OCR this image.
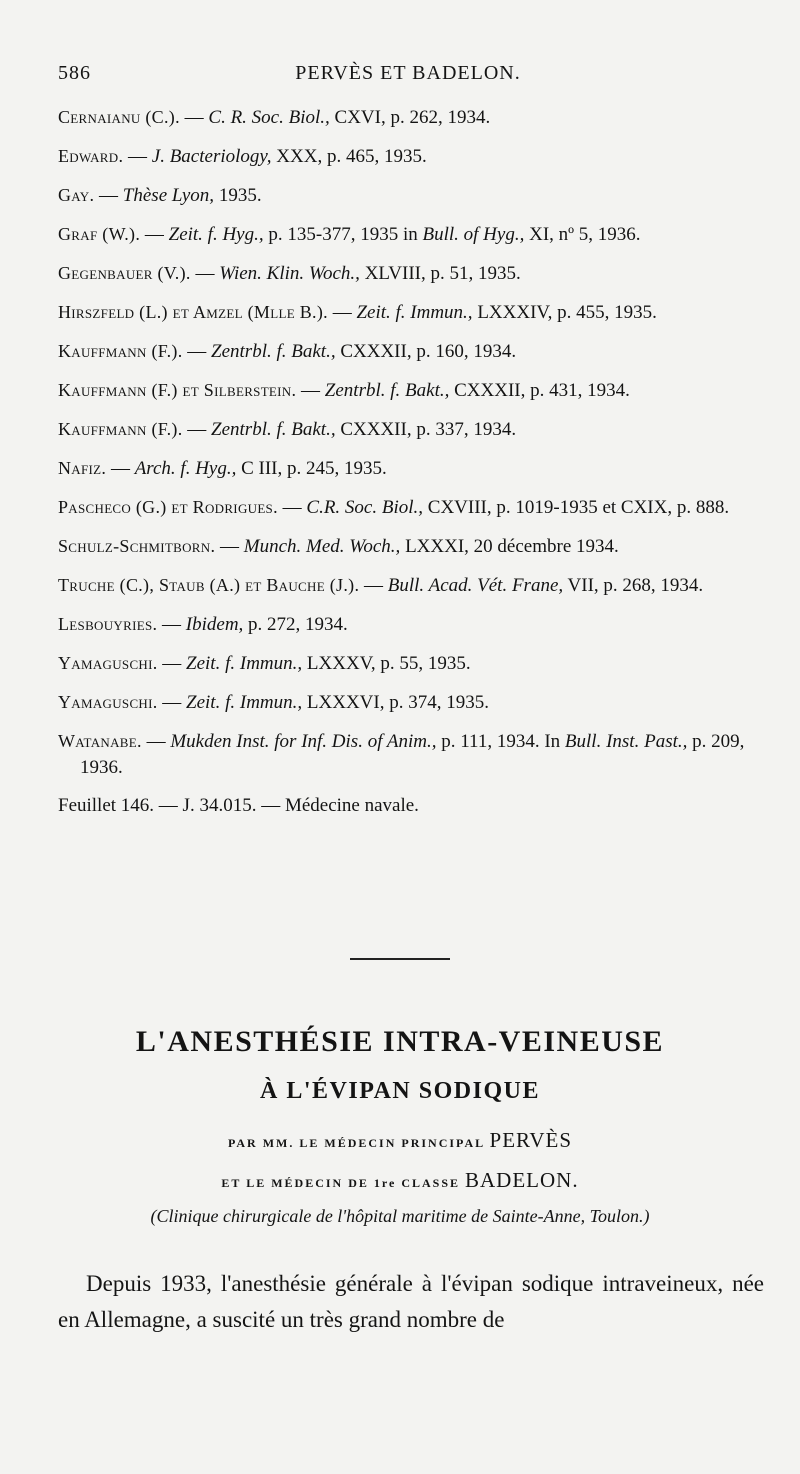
586	PERVÈS ET BADELON.
Cernaianu (C.). — C. R. Soc. Biol., CXVI, p. 262, 1934.
Edward. — J. Bacteriology, XXX, p. 465, 1935.
Gay. — Thèse Lyon, 1935.
Graf (W.). — Zeit. f. Hyg., p. 135-377, 1935 in Bull. of Hyg., XI, nº 5, 1936.
Gegenbauer (V.). — Wien. Klin. Woch., XLVIII, p. 51, 1935.
Hirszfeld (L.) et Amzel (Mlle B.). — Zeit. f. Immun., LXXXIV, p. 455, 1935.
Kauffmann (F.). — Zentrbl. f. Bakt., CXXXII, p. 160, 1934.
Kauffmann (F.) et Silberstein. — Zentrbl. f. Bakt., CXXXII, p. 431, 1934.
Kauffmann (F.). — Zentrbl. f. Bakt., CXXXII, p. 337, 1934.
Nafiz. — Arch. f. Hyg., C III, p. 245, 1935.
Pascheco (G.) et Rodrigues. — C.R. Soc. Biol., CXVIII, p. 1019-1935 et CXIX, p. 888.
Schulz-Schmitborn. — Munch. Med. Woch., LXXXI, 20 décembre 1934.
Truche (C.), Staub (A.) et Bauche (J.). — Bull. Acad. Vét. Frane, VII, p. 268, 1934.
Lesbouyries. — Ibidem, p. 272, 1934.
Yamaguschi. — Zeit. f. Immun., LXXXV, p. 55, 1935.
Yamaguschi. — Zeit. f. Immun., LXXXVI, p. 374, 1935.
Watanabe. — Mukden Inst. for Inf. Dis. of Anim., p. 111, 1934. In Bull. Inst. Past., p. 209, 1936.
Feuillet 146. — J. 34.015. — Médecine navale.
L'ANESTHÉSIE INTRA-VEINEUSE
À L'ÉVIPAN SODIQUE
PAR MM. LE MÉDECIN PRINCIPAL PERVÈS
ET LE MÉDECIN DE 1re CLASSE BADELON.
(Clinique chirurgicale de l'hôpital maritime de Sainte-Anne, Toulon.)
Depuis 1933, l'anesthésie générale à l'évipan sodique intraveineux, née en Allemagne, a suscité un très grand nombre de
